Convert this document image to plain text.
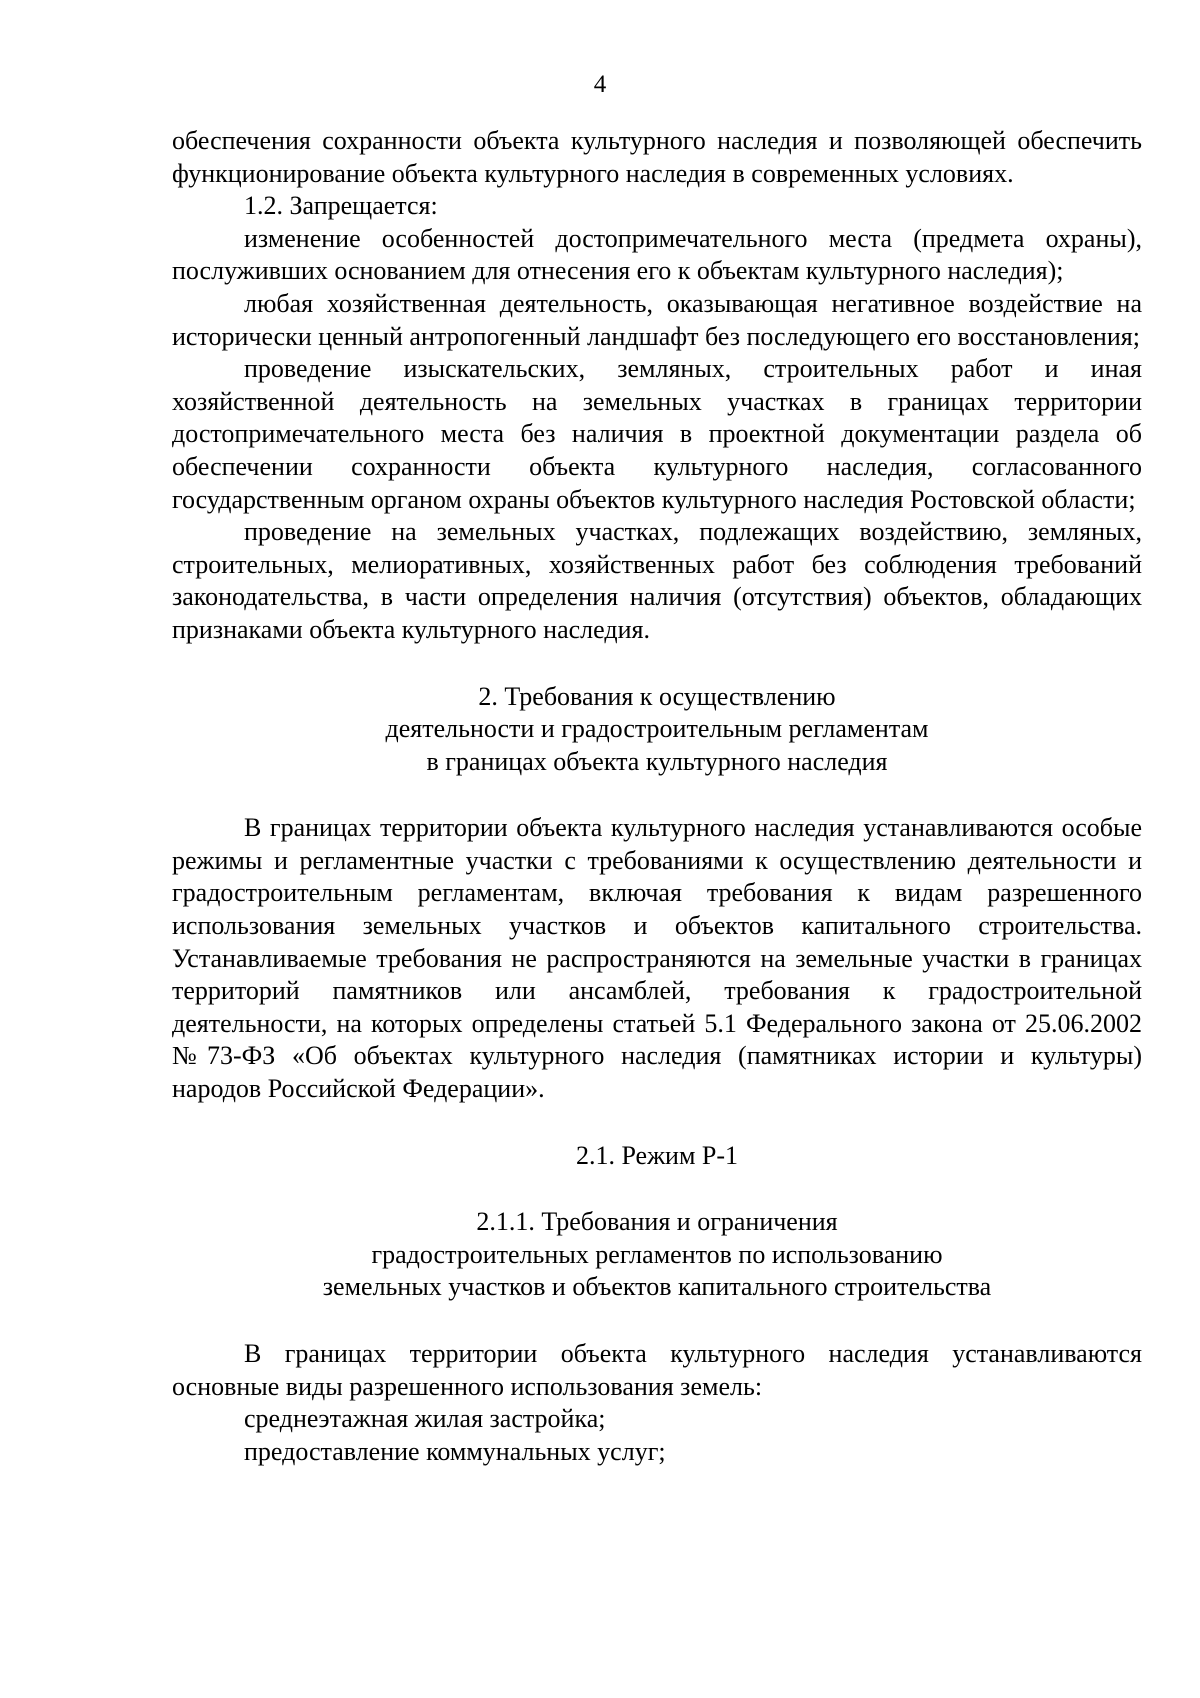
4

обеспечения сохранности объекта культурного наследия и позволяющей обеспечить функционирование объекта культурного наследия в современных условиях.

1.2. Запрещается:

изменение особенностей достопримечательного места (предмета охраны), послуживших основанием для отнесения его к объектам культурного наследия);

любая хозяйственная деятельность, оказывающая негативное воздействие на исторически ценный антропогенный ландшафт без последующего его восстановления;

проведение изыскательских, земляных, строительных работ и иная хозяйственной деятельность на земельных участках в границах территории достопримечательного места без наличия в проектной документации раздела об обеспечении сохранности объекта культурного наследия, согласованного государственным органом охраны объектов культурного наследия Ростовской области;

проведение на земельных участках, подлежащих воздействию, земляных, строительных, мелиоративных, хозяйственных работ без соблюдения требований законодательства, в части определения наличия (отсутствия) объектов, обладающих признаками объекта культурного наследия.

2. Требования к осуществлению
деятельности и градостроительным регламентам
в границах объекта культурного наследия

В границах территории объекта культурного наследия устанавливаются особые режимы и регламентные участки с требованиями к осуществлению деятельности и градостроительным регламентам, включая требования к видам разрешенного использования земельных участков и объектов капитального строительства. Устанавливаемые требования не распространяются на земельные участки в границах территорий памятников или ансамблей, требования к градостроительной деятельности, на которых определены статьей 5.1 Федерального закона от 25.06.2002 №73-ФЗ «Об объектах культурного наследия (памятниках истории и культуры) народов Российской Федерации».

2.1. Режим Р-1

2.1.1. Требования и ограничения
градостроительных регламентов по использованию
земельных участков и объектов капитального строительства

В границах территории объекта культурного наследия устанавливаются основные виды разрешенного использования земель:

среднеэтажная жилая застройка;

предоставление коммунальных услуг;
